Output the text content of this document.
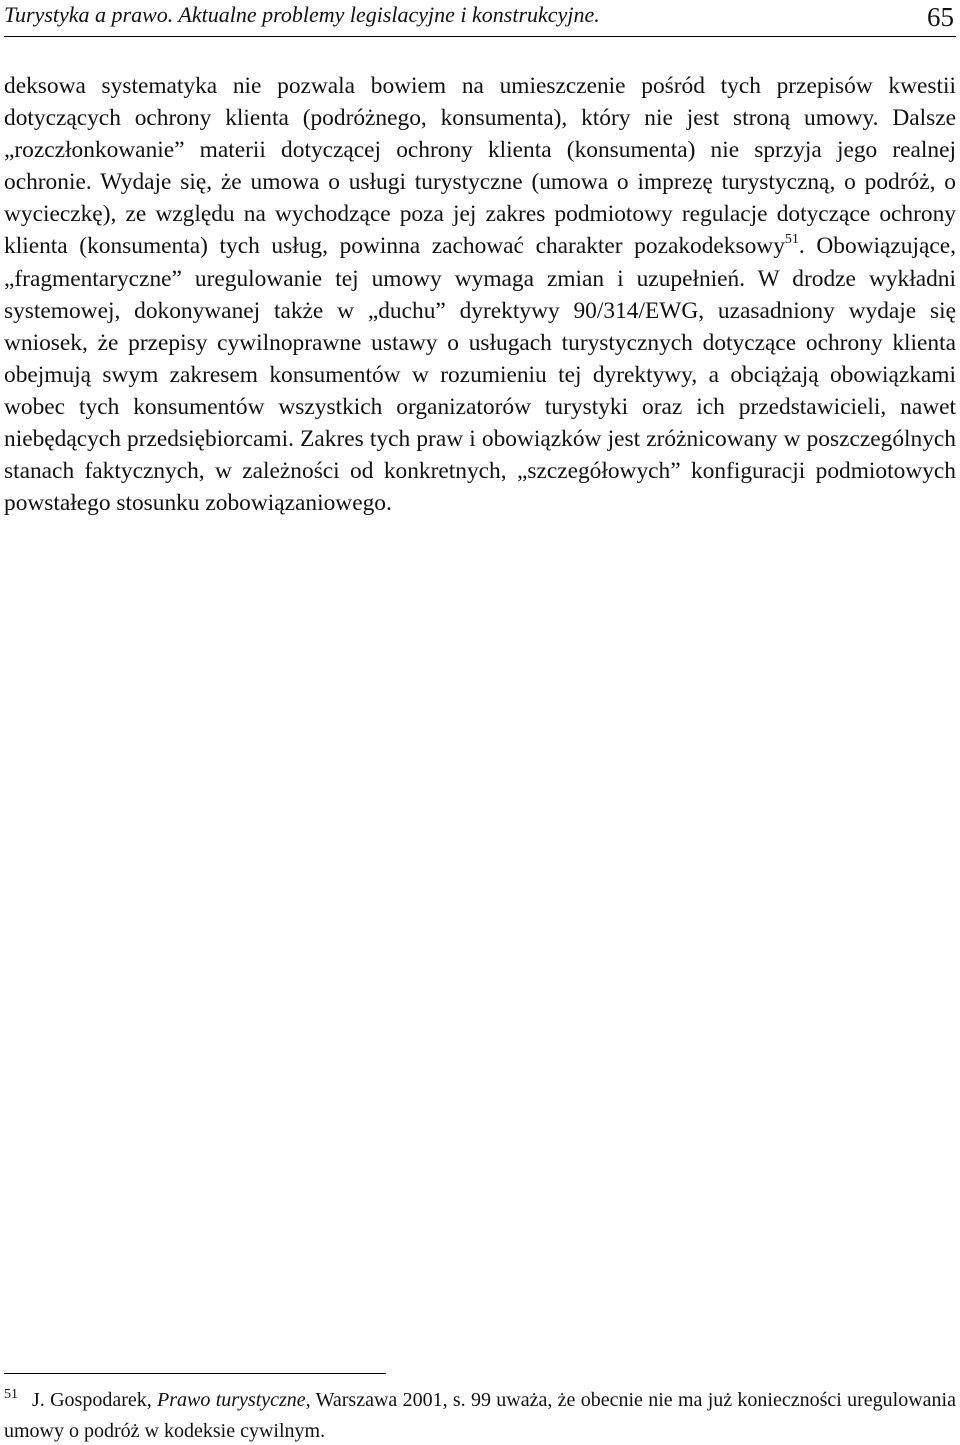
Turystyka a prawo. Aktualne problemy legislacyjne i konstrukcyjne.	65

deksowa systematyka nie pozwala bowiem na umieszczenie pośród tych przepisów kwestii dotyczących ochrony klienta (podróżnego, konsumenta), który nie jest stroną umowy. Dalsze „rozczłonkowanie” materii dotyczącej ochrony klienta (konsumenta) nie sprzyja jego realnej ochronie. Wydaje się, że umowa o usługi turystyczne (umowa o imprezę turystyczną, o podróż, o wycieczkę), ze względu na wychodzące poza jej zakres podmiotowy regulacje dotyczące ochrony klienta (konsumenta) tych usług, powinna zachować charakter pozakodeksowy$^{51}$. Obowiązujące, „fragmentaryczne” uregulowanie tej umowy wymaga zmian i uzupełnień. W drodze wykładni systemowej, dokonywanej także w „duchu” dyrektywy 90/314/EWG, uzasadniony wydaje się wniosek, że przepisy cywilnoprawne ustawy o usługach turystycznych dotyczące ochrony klienta obejmują swym zakresem konsumentów w rozumieniu tej dyrektywy, a obciążają obowiązkami wobec tych konsumentów wszystkich organizatorów turystyki oraz ich przedstawicieli, nawet niebędących przedsiębiorcami. Zakres tych praw i obowiązków jest zróżnicowany w poszczególnych stanach faktycznych, w zależności od konkretnych, „szczegółowych” konfiguracji podmiotowych powstałego stosunku zobowiązaniowego.

$^{51}$ J. Gospodarek, Prawo turystyczne, Warszawa 2001, s. 99 uważa, że obecnie nie ma już konieczności uregulowania umowy o podróż w kodeksie cywilnym.
